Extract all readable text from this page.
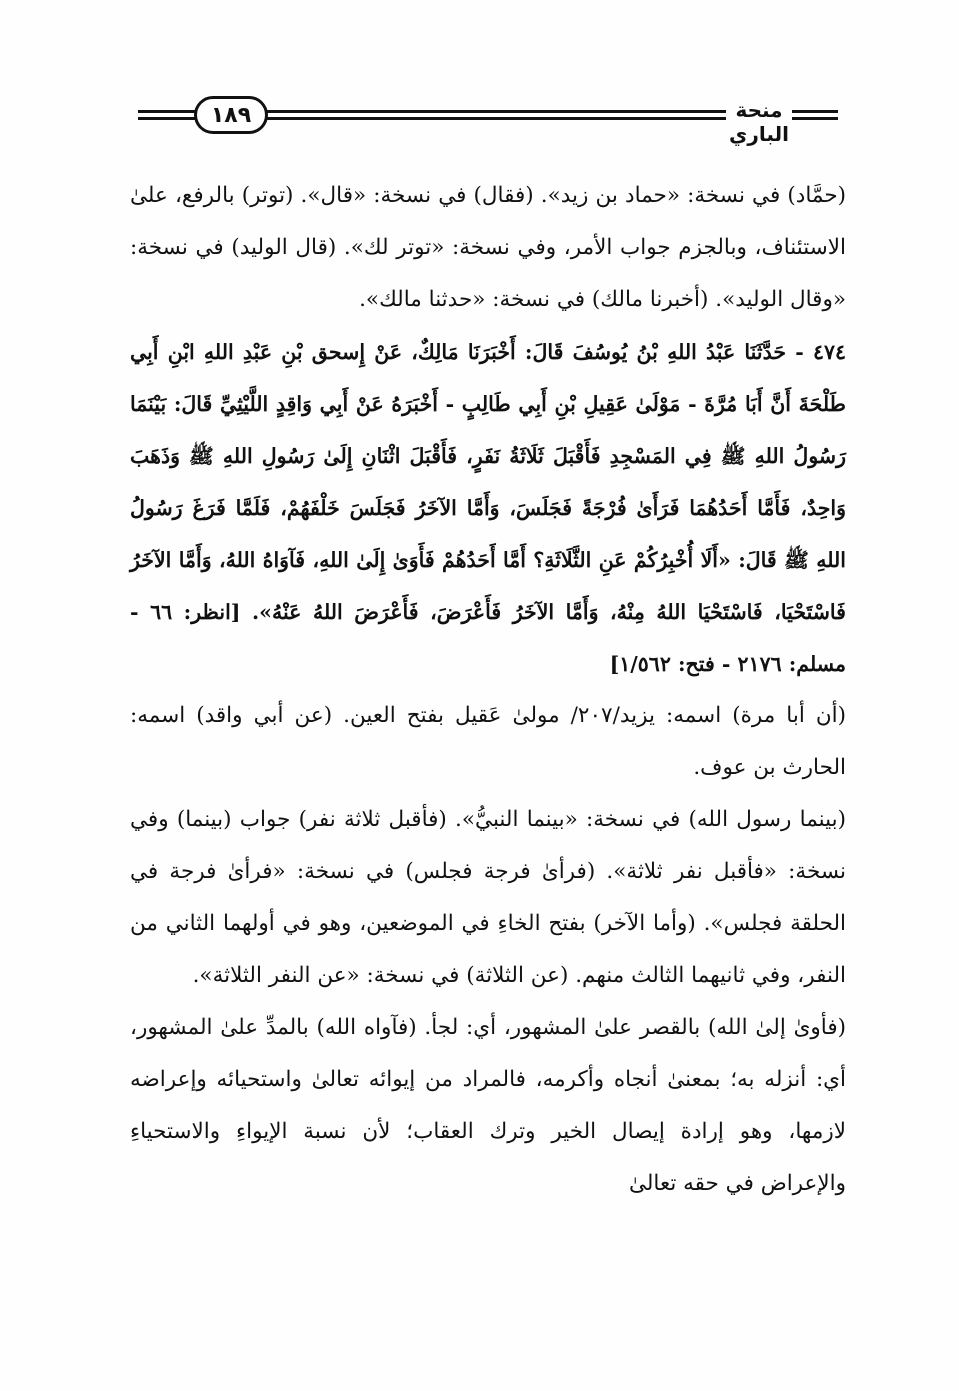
١٨٩	منحة الباري

(حمَّاد) في نسخة: «حماد بن زيد». (فقال) في نسخة: «قال». (توتر) بالرفع، علىٰ الاستئناف، وبالجزم جواب الأمر، وفي نسخة: «توتر لك». (قال الوليد) في نسخة: «وقال الوليد». (أخبرنا مالك) في نسخة: «حدثنا مالك».

٤٧٤ - حَدَّثَنَا عَبْدُ اللهِ بْنُ يُوسُفَ قَالَ: أَخْبَرَنَا مَالِكٌ، عَنْ إِسحق بْنِ عَبْدِ اللهِ ابْنِ أَبِي طَلْحَةَ أَنَّ أَبَا مُرَّةَ - مَوْلَىٰ عَقِيلِ بْنِ أَبِي طَالِبٍ - أَخْبَرَهُ عَنْ أَبِي وَاقِدٍ اللَّيْثِيِّ قَالَ: بَيْنَمَا رَسُولُ اللهِ ﷺ فِي المَسْجِدِ فَأَقْبَلَ ثَلَاثَةُ نَفَرٍ، فَأَقْبَلَ اثْنَانِ إِلَىٰ رَسُولِ اللهِ ﷺ وَذَهَبَ وَاحِدٌ، فَأَمَّا أَحَدُهُمَا فَرَأَىٰ فُرْجَةً فَجَلَسَ، وَأَمَّا الآخَرُ فَجَلَسَ خَلْفَهُمْ، فَلَمَّا فَرَغَ رَسُولُ اللهِ ﷺ قَالَ: «أَلَا أُخْبِرُكُمْ عَنِ الثَّلَاثَةِ؟ أَمَّا أَحَدُهُمْ فَأَوَىٰ إِلَىٰ اللهِ، فَآوَاهُ اللهُ، وَأَمَّا الآخَرُ فَاسْتَحْيَا، فَاسْتَحْيَا اللهُ مِنْهُ، وَأَمَّا الآخَرُ فَأَعْرَضَ، فَأَعْرَضَ اللهُ عَنْهُ». [انظر: ٦٦ - مسلم: ٢١٧٦ - فتح: ١/٥٦٢]

(أن أبا مرة) اسمه: يزيد/٢٠٧/ مولىٰ عَقيل بفتح العين. (عن أبي واقد) اسمه: الحارث بن عوف.

(بينما رسول الله) في نسخة: «بينما النبيُّ». (فأقبل ثلاثة نفر) جواب (بينما) وفي نسخة: «فأقبل نفر ثلاثة». (فرأىٰ فرجة فجلس) في نسخة: «فرأىٰ فرجة في الحلقة فجلس». (وأما الآخر) بفتح الخاءِ في الموضعين، وهو في أولهما الثاني من النفر، وفي ثانيهما الثالث منهم. (عن الثلاثة) في نسخة: «عن النفر الثلاثة».

(فأوىٰ إلىٰ الله) بالقصر علىٰ المشهور، أي: لجأ. (فآواه الله) بالمدِّ علىٰ المشهور، أي: أنزله به؛ بمعنىٰ أنجاه وأكرمه، فالمراد من إيوائه تعالىٰ واستحيائه وإعراضه لازمها، وهو إرادة إيصال الخير وترك العقاب؛ لأن نسبة الإيواءِ والاستحياءِ والإعراض في حقه تعالىٰ
